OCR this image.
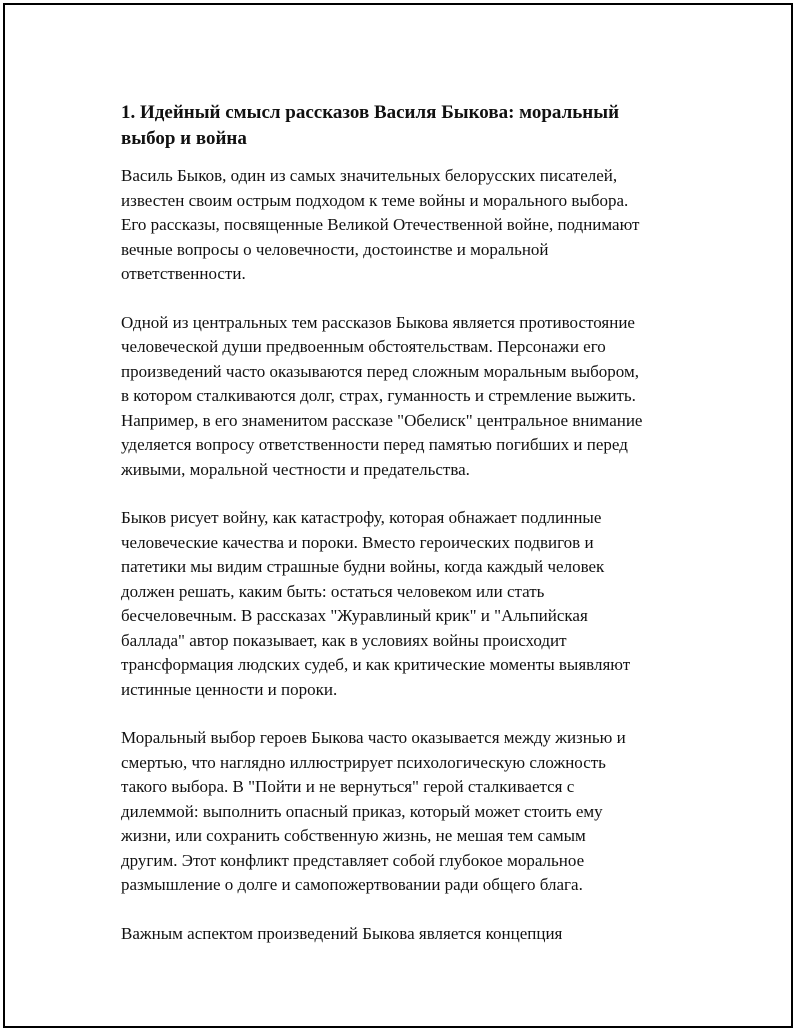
1. Идейный смысл рассказов Василя Быкова: моральный
выбор и война

Василь Быков, один из самых значительных белорусских писателей,
известен своим острым подходом к теме войны и морального выбора.
Его рассказы, посвященные Великой Отечественной войне, поднимают
вечные вопросы о человечности, достоинстве и моральной
ответственности.

Одной из центральных тем рассказов Быкова является противостояние
человеческой души предвоенным обстоятельствам. Персонажи его
произведений часто оказываются перед сложным моральным выбором,
в котором сталкиваются долг, страх, гуманность и стремление выжить.
Например, в его знаменитом рассказе "Обелиск" центральное внимание
уделяется вопросу ответственности перед памятью погибших и перед
живыми, моральной честности и предательства.

Быков рисует войну, как катастрофу, которая обнажает подлинные
человеческие качества и пороки. Вместо героических подвигов и
патетики мы видим страшные будни войны, когда каждый человек
должен решать, каким быть: остаться человеком или стать
бесчеловечным. В рассказах "Журавлиный крик" и "Альпийская
баллада" автор показывает, как в условиях войны происходит
трансформация людских судеб, и как критические моменты выявляют
истинные ценности и пороки.

Моральный выбор героев Быкова часто оказывается между жизнью и
смертью, что наглядно иллюстрирует психологическую сложность
такого выбора. В "Пойти и не вернуться" герой сталкивается с
дилеммой: выполнить опасный приказ, который может стоить ему
жизни, или сохранить собственную жизнь, не мешая тем самым
другим. Этот конфликт представляет собой глубокое моральное
размышление о долге и самопожертвовании ради общего блага.

Важным аспектом произведений Быкова является концепция
